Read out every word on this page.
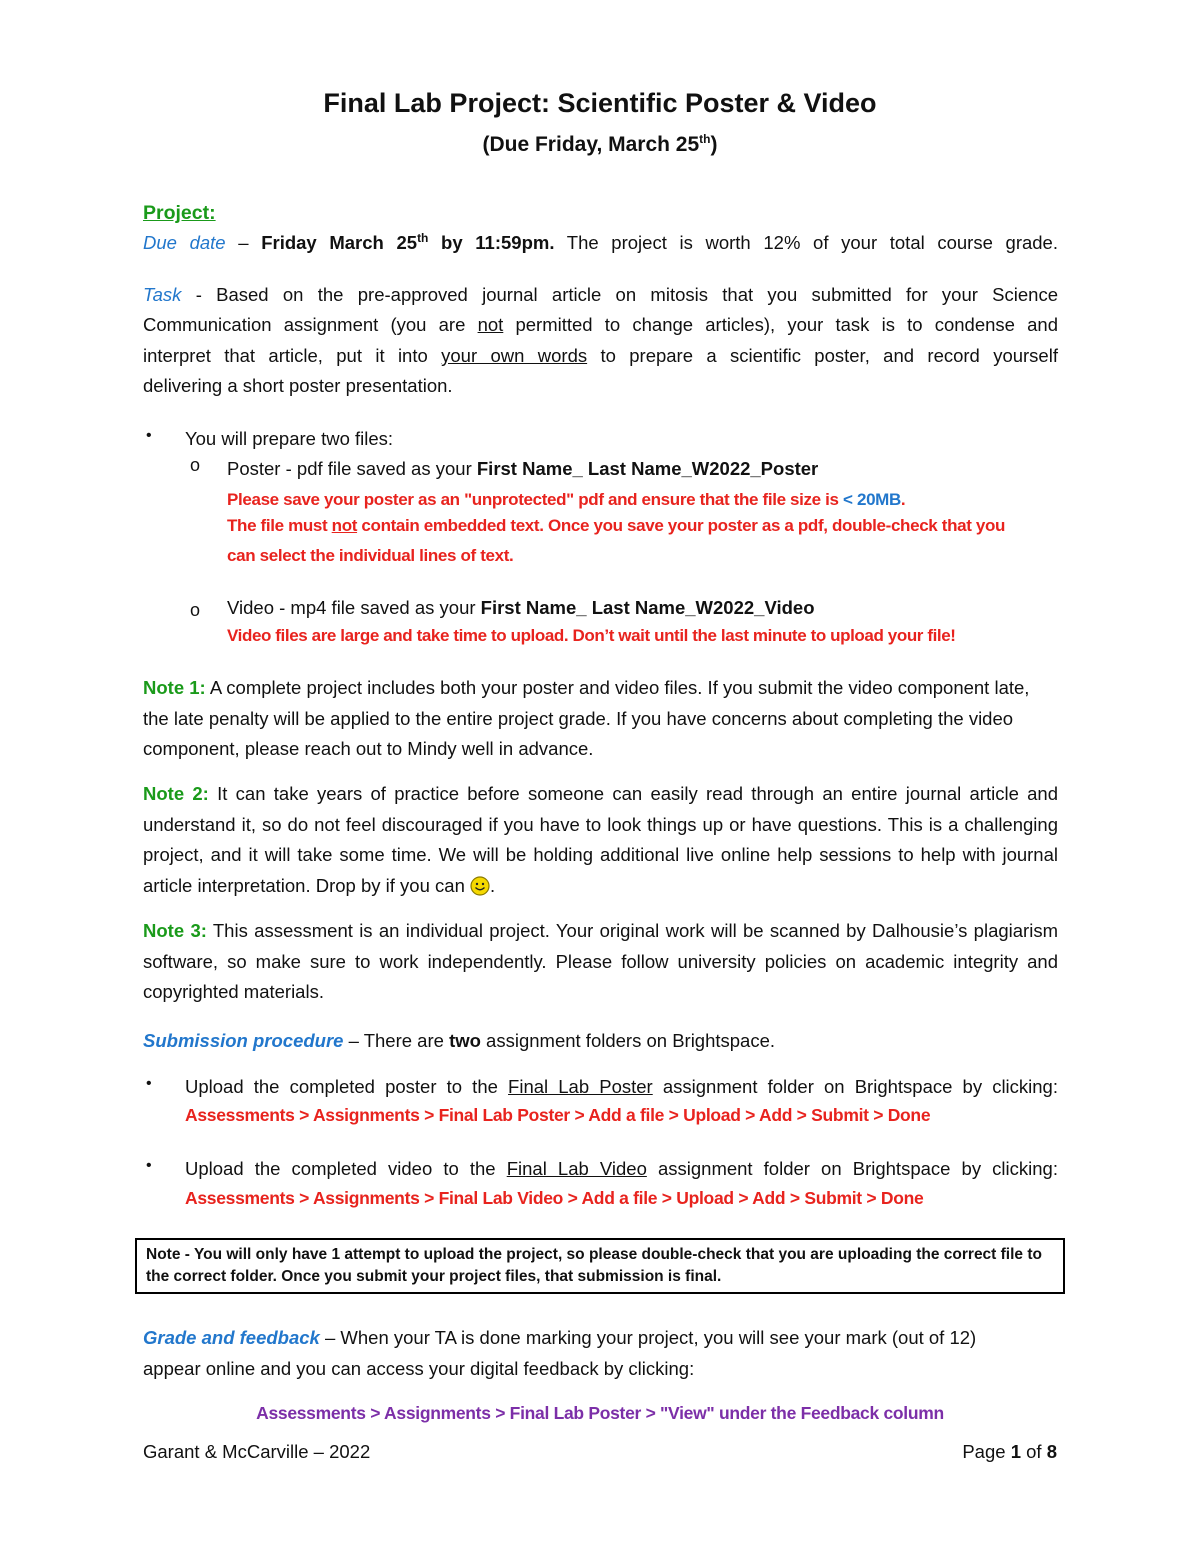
Final Lab Project: Scientific Poster & Video
(Due Friday, March 25th)
Project:
Due date – Friday March 25th by 11:59pm. The project is worth 12% of your total course grade.
Task - Based on the pre-approved journal article on mitosis that you submitted for your Science
Communication assignment (you are not permitted to change articles), your task is to condense and
interpret that article, put it into your own words to prepare a scientific poster, and record yourself
delivering a short poster presentation.
• You will prepare two files:
o Poster - pdf file saved as your First Name_ Last Name_W2022_Poster
Please save your poster as an "unprotected" pdf and ensure that the file size is < 20MB.
The file must not contain embedded text. Once you save your poster as a pdf, double-check that you
can select the individual lines of text.
o Video - mp4 file saved as your First Name_ Last Name_W2022_Video
Video files are large and take time to upload. Don’t wait until the last minute to upload your file!
Note 1: A complete project includes both your poster and video files. If you submit the video component late, the late penalty will be applied to the entire project grade. If you have concerns about completing the video component, please reach out to Mindy well in advance.
Note 2: It can take years of practice before someone can easily read through an entire journal article and understand it, so do not feel discouraged if you have to look things up or have questions. This is a challenging project, and it will take some time. We will be holding additional live online help sessions to help with journal article interpretation. Drop by if you can .
Note 3: This assessment is an individual project. Your original work will be scanned by Dalhousie’s plagiarism software, so make sure to work independently. Please follow university policies on academic integrity and copyrighted materials.
Submission procedure – There are two assignment folders on Brightspace.
• Upload the completed poster to the Final Lab Poster assignment folder on Brightspace by clicking:
Assessments > Assignments > Final Lab Poster > Add a file > Upload > Add > Submit > Done
• Upload the completed video to the Final Lab Video assignment folder on Brightspace by clicking:
Assessments > Assignments > Final Lab Video > Add a file > Upload > Add > Submit > Done
Note - You will only have 1 attempt to upload the project, so please double-check that you are uploading the correct file to the correct folder. Once you submit your project files, that submission is final.
Grade and feedback – When your TA is done marking your project, you will see your mark (out of 12)
appear online and you can access your digital feedback by clicking:
Assessments > Assignments > Final Lab Poster > "View" under the Feedback column
Garant & McCarville – 2022	Page 1 of 8
